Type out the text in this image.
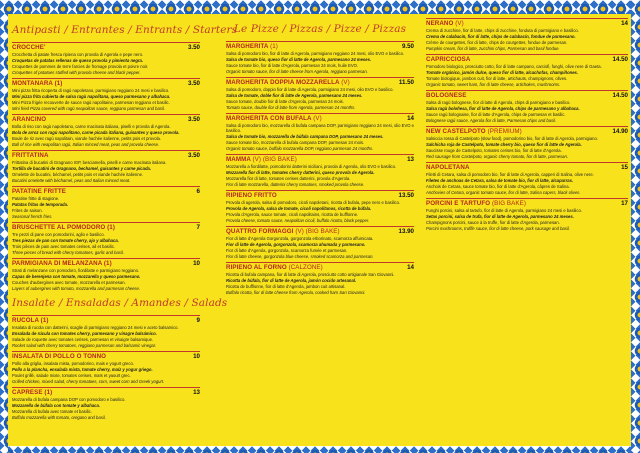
Antipasti / Entrantes / Entrants / Starters
CROCCHE'	3.50
Crocchetta di patate fresca ripiena con provola di Agerola e pepe nero.
Croquetas de patatas rellenas de queso provola y pimienta negra.
Croquettes de pommes de terre farcies de fromage provola et poivre noir.
Croquettes of potatoes stuffed with provola cheese and black pepper.
MONTANARA (1)	3.50
Mini pizza fritta ricoperta di ragù napoletano, parmigiano reggiano 24 mesi e basilico.
Mini pizza frita cubierta de salsa ragù napolitana, queso parmesano y albahaca.
Mini Pizza frigée recouverte de sauce ragù napolitaine, parmesan reggiano et basilic.
Mini fried Pizza covered with ragù neapolitan sauce, reggiano parmesan and basil.
ARANCINO	3.50
Bolla di riso con ragù napoletano, carne macinata italiana, piselli e provola di Agerola.
Bola de arroz con ragù napolitano, carne picada italiana, guisantes y queso provola.
Boule de riz avec ragù napolitain, viande hachée italienne, petits pois et provola.
Ball of rice with neapolitan ragù, Italian minced meat, peas and provola cheese.
FRITTATINA	3.50
Frittatina di bucatini di Gragnano IGP, besciamella, piselli e carne macinata italiana.
Tortilla de bucatini de Gragnano, bechamel, guisantes y carne picada.
Omelette de bucatini, béchamel, petits pois et viande hachée italienne.
Bucatini omelette with béchamel, peas and Italian minced meat.
PATATINE FRITTE	6
Patatine fritte di stagione.
Patatas fritas de temporada.
Frites de saison.
Seasonal french fries.
BRUSCHETTE AL POMODORO (1)	7
Tre pezzi di pane con pomodorini, aglio e basilico.
Tres piezas de pan con tomate cherry, ajo y albahaca.
Trois pièces de pain avec tomates cerises, ail et basilic.
Three pieces of bread with cherry tomatoes, garlic and basil.
PARMIGIANA DI MELANZANA (1)	10
Strati di melanzane con pomodoro, fiordilatte e parmigiano reggiano.
Capas de berenjena con tomate, mozzarella y queso parmesano.
Couches d'aubergines avec tomate, mozzarella et parmesan.
Layers of aubergines with tomato, mozzarella and parmesan cheese.
Insalate / Ensaladas / Amandes / Salads
RUCOLA (1)	9
Insalata di rucola con datterini, scaglie di parmigiano reggiano 24 mesi e aceto balsamico.
Ensalada de rúcula con tomates cherry, parmesano y vinagre balsámico.
Salade de roquette avec tomates cerises, parmesan et vinaigre balsamique.
Rocket salad with cherry tomatoes, reggiano parmesan and balsamic vinegar.
INSALATA DI POLLO O TONNO	10
Pollo alla griglia, insalata mista, pomodorino, mais e yogurt greco.
Pollo a la plancha, ensalada mixta, tomate cherry, maíz y yogur griego.
Poulet grillé, salade mixte, tomates cerises, maïs et yaourt grec.
Grilled chicken, mixed salad, cherry tomatoes, corn, sweet corn and Greek yogurt.
CAPRESE (1)	13
Mozzarella di bufala campana DOP con pomodoro e basilico.
Mozzarella de búfala con tomate y albahaca.
Mozzarella di bufala avec tomate et basilic.
Buffalo mozzarella with tomato, oregano and basil.
Le Pizze / Pizzas / Pizze / Pizzas
MARGHERITA (1)	9.50
Salsa di pomodoro bio, fior di latte di Agerola, parmigiano reggiano 24 mesi, olio EVO e basilico.
Salsa de tomate bio, queso fior di latte de Agerola, parmesano 24 meses.
Sauce tomate bio, fior di latte d'Agerola, parmesan 24 mois, huile EVO.
Organic tomato sauce, fior di latte cheese from Agerola, reggiano parmesan.
MARGHERITA DOPPIA MOZZARELLA (V)	11.50
Salsa di pomodoro, doppio fior di latte di Agerola, parmigiano 24 mesi, olio EVO e basilico.
Salsa de tomate, doble fior di latte de Agerola, parmesano 24 meses.
Sauce tomate, double fior di latte d'Agerola, parmesan 24 mois.
Tomato sauce, double fior di latte from Agerola, parmesan 24 months.
MARGHERITA CON BUFALA (V)	14
Salsa di pomodoro bio, mozzarella di bufala campana DOP, parmigiano reggiano 24 mesi, olio EVO e basilico.
Salsa de tomate bio, mozzarella de búfala campana DOP, parmesano 24 meses.
Sauce tomate bio, mozzarella di bufala campana DOP, parmesan 24 mois.
Organic tomato sauce, buffalo mozzarella DOP, reggiano parmesan 24 months.
MAMMA (V) (BIG BAKE)	13
Mozzarella a fiordilatte, pomodorini datterini siciliani, provola di Agerola, olio EVO e basilico.
Mozzarella fior di latte, tomates cherry datterini, queso provola de Agerola.
Mozzarella fior di latte, tomates cerises datterini, provola d'Agerola.
Fior di latte mozzarella, datterini cherry tomatoes, smoked provola cheese.
RIPIENO FRITTO	13.50
Provola di agerola, salsa di pomodoro, cicoli napoletani, ricotta di bufala, pepe nero e basilico.
Provola de Agerola, salsa de tomate, cicoli napolitanos, ricotta de búfala.
Provola d'Agerola, sauce tomate, cicoli napolitains, ricotta de bufflonne.
Provola cheese, tomato sauce, neapolitan cicoli, buffalo ricotta, black pepper.
QUATTRO FORMAGGI (V) (BIG BAKE)	13.90
Fior di latte d'Agerola Gorgonzola, gorgonzola erborinato, scamorza affumicata.
Fior di latte de Agerola, gorgonzola, scamorza ahumada y parmesano.
Fior di latte d'Agerola, gorgonzola, scamorza fumée et parmesan.
Fior di latte cheese, gorgonzola blue cheese, smoked scamorza and parmesan.
RIPIENO AL FORNO (CALZONE)	14
Ricotta di bufala campana, fior di latte di Agerola, prosciutto cotto artigianale San Giovanni.
Ricotta de búfala, fior di latte de Agerola, jamón cocido artesanal.
Ricotta de bufflonne, fior di latte d'Agerola, jambon cuit artisanal.
Buffalo ricotta, fior di latte cheese from Agerola, cooked ham San Giovanni.
NERANO (V)	14
Crema di zucchine, fior di latte, chips di zucchine, fonduta di parmigiano e basilico.
Crema de calabacín, fior di latte, chips de calabacín, fondue de parmesano.
Crème de courgettes, fior di latte, chips de courgettes, fondue de parmesan.
Pumpkin cream, fior di latte, zucchini chips, Parmesan and basil fondue.
CAPRICCIOSA	14.50
Pomodoro biologico, prosciutto cotto, fior di latte campano, carciofi, funghi, olive nere di Gaeta.
Tomate orgánico, jamón dulce, queso fior di latte, alcachofas, champiñones.
Tomate biologique, jambon cuit, fior di latte, artichauts, champignons, olives.
Organic tomato, sweet ham, fior di latte cheese, artichokes, mushrooms.
BOLOGNESE	14.50
Salsa di ragù bolognese, fior di latte di Agerola, chips di parmigiano e basilico.
Salsa ragù boloñesa, fior di latte de Agerola, chips de parmesano y albahaca.
Sauce ragù bolognaise, fior di latte d'Agerola, chips de parmesan et basilic.
Bolognese ragù sauce, Agerola fior di latte, Parmesan chips and basil.
NEW CASTELPOTO (PREMIUM)	14.90
Salsiccia rossa di Castelpoto (slow food), pomodorino bio, fior di latte di Agerola, parmigiano.
Salchicha roja de Castelpoto, tomate cherry bio, queso fior di latte de Agerola.
Saucisse rouge de Castelpoto, tomates cerises bio, fior di latte d'Agerola.
Red sausage from Castelpoto, organic cherry tomato, fior di latte, parmesan.
NAPOLETANA	15
Filetti di Cetara, salsa di pomodoro bio, fior di latte di Agerola, capperi di Salina, olive nere.
Filetes de anchoas de Cetara, salsa de tomate bio, fior di latte, alcaparras.
Anchois de Cetara, sauce tomate bio, fior di latte d'Agerola, câpres de Salina.
Anchovies of Cetara, organic tomato sauce, fior di latte, Salina capers, black olives.
PORCINI E TARTUFO (BIG BAKE)	17
Funghi porcini, salsa al tartufo, fior di latte di Agerola, parmigiano 24 mesi e basilico.
Setas porcini, salsa de trufa, fior di latte de Agerola, parmesano 24 meses.
Champignons porcini, sauce à la truffe, fior di latte d'Agerola, parmesan.
Porcini mushrooms, truffle sauce, fior di latte cheese, pork sausage and basil.
